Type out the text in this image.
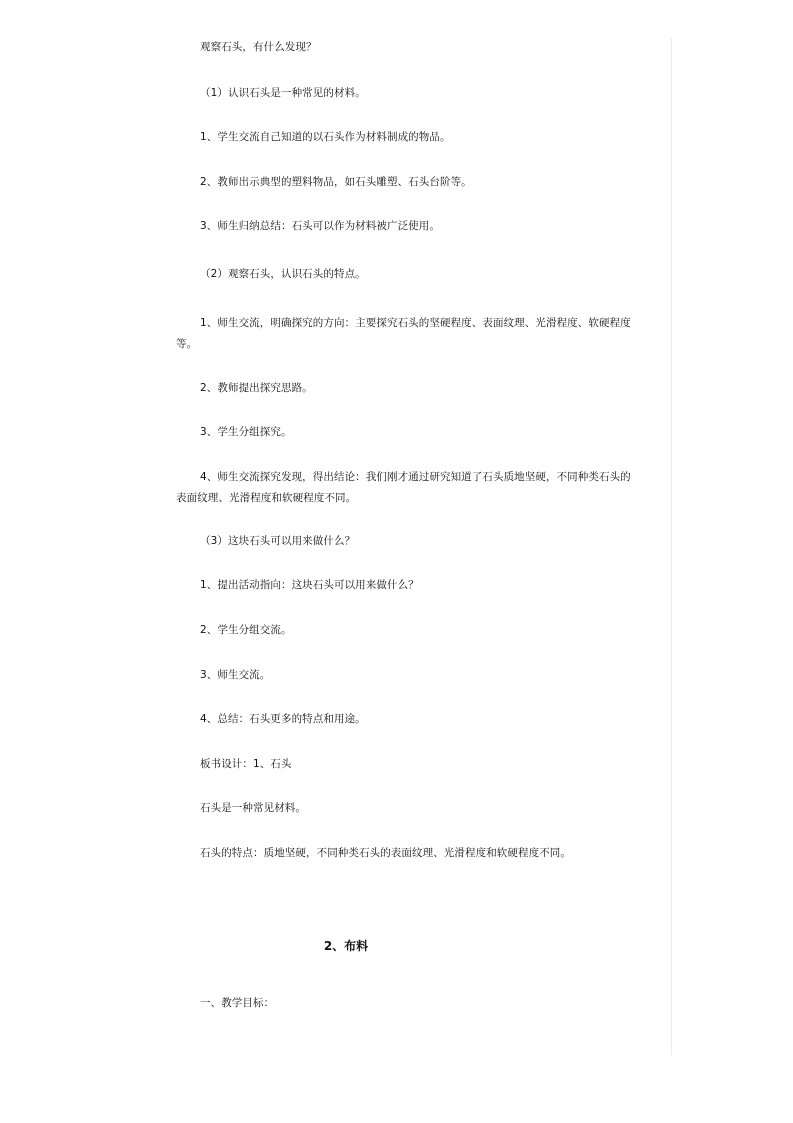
观察石头，有什么发现？
（1）认识石头是一种常见的材料。
1、学生交流自己知道的以石头作为材料制成的物品。
2、教师出示典型的塑料物品，如石头雕塑、石头台阶等。
3、师生归纳总结：石头可以作为材料被广泛使用。
（2）观察石头，认识石头的特点。
1、师生交流，明确探究的方向：主要探究石头的坚硬程度、表面纹理、光滑程度、软硬程度等。
2、教师提出探究思路。
3、学生分组探究。
4、师生交流探究发现，得出结论：我们刚才通过研究知道了石头质地坚硬，不同种类石头的表面纹理、光滑程度和软硬程度不同。
（3）这块石头可以用来做什么？
1、提出活动指向：这块石头可以用来做什么？
2、学生分组交流。
3、师生交流。
4、总结：石头更多的特点和用途。
板书设计：1、石头
石头是一种常见材料。
石头的特点：质地坚硬，不同种类石头的表面纹理、光滑程度和软硬程度不同。
2、布料
一、教学目标：
